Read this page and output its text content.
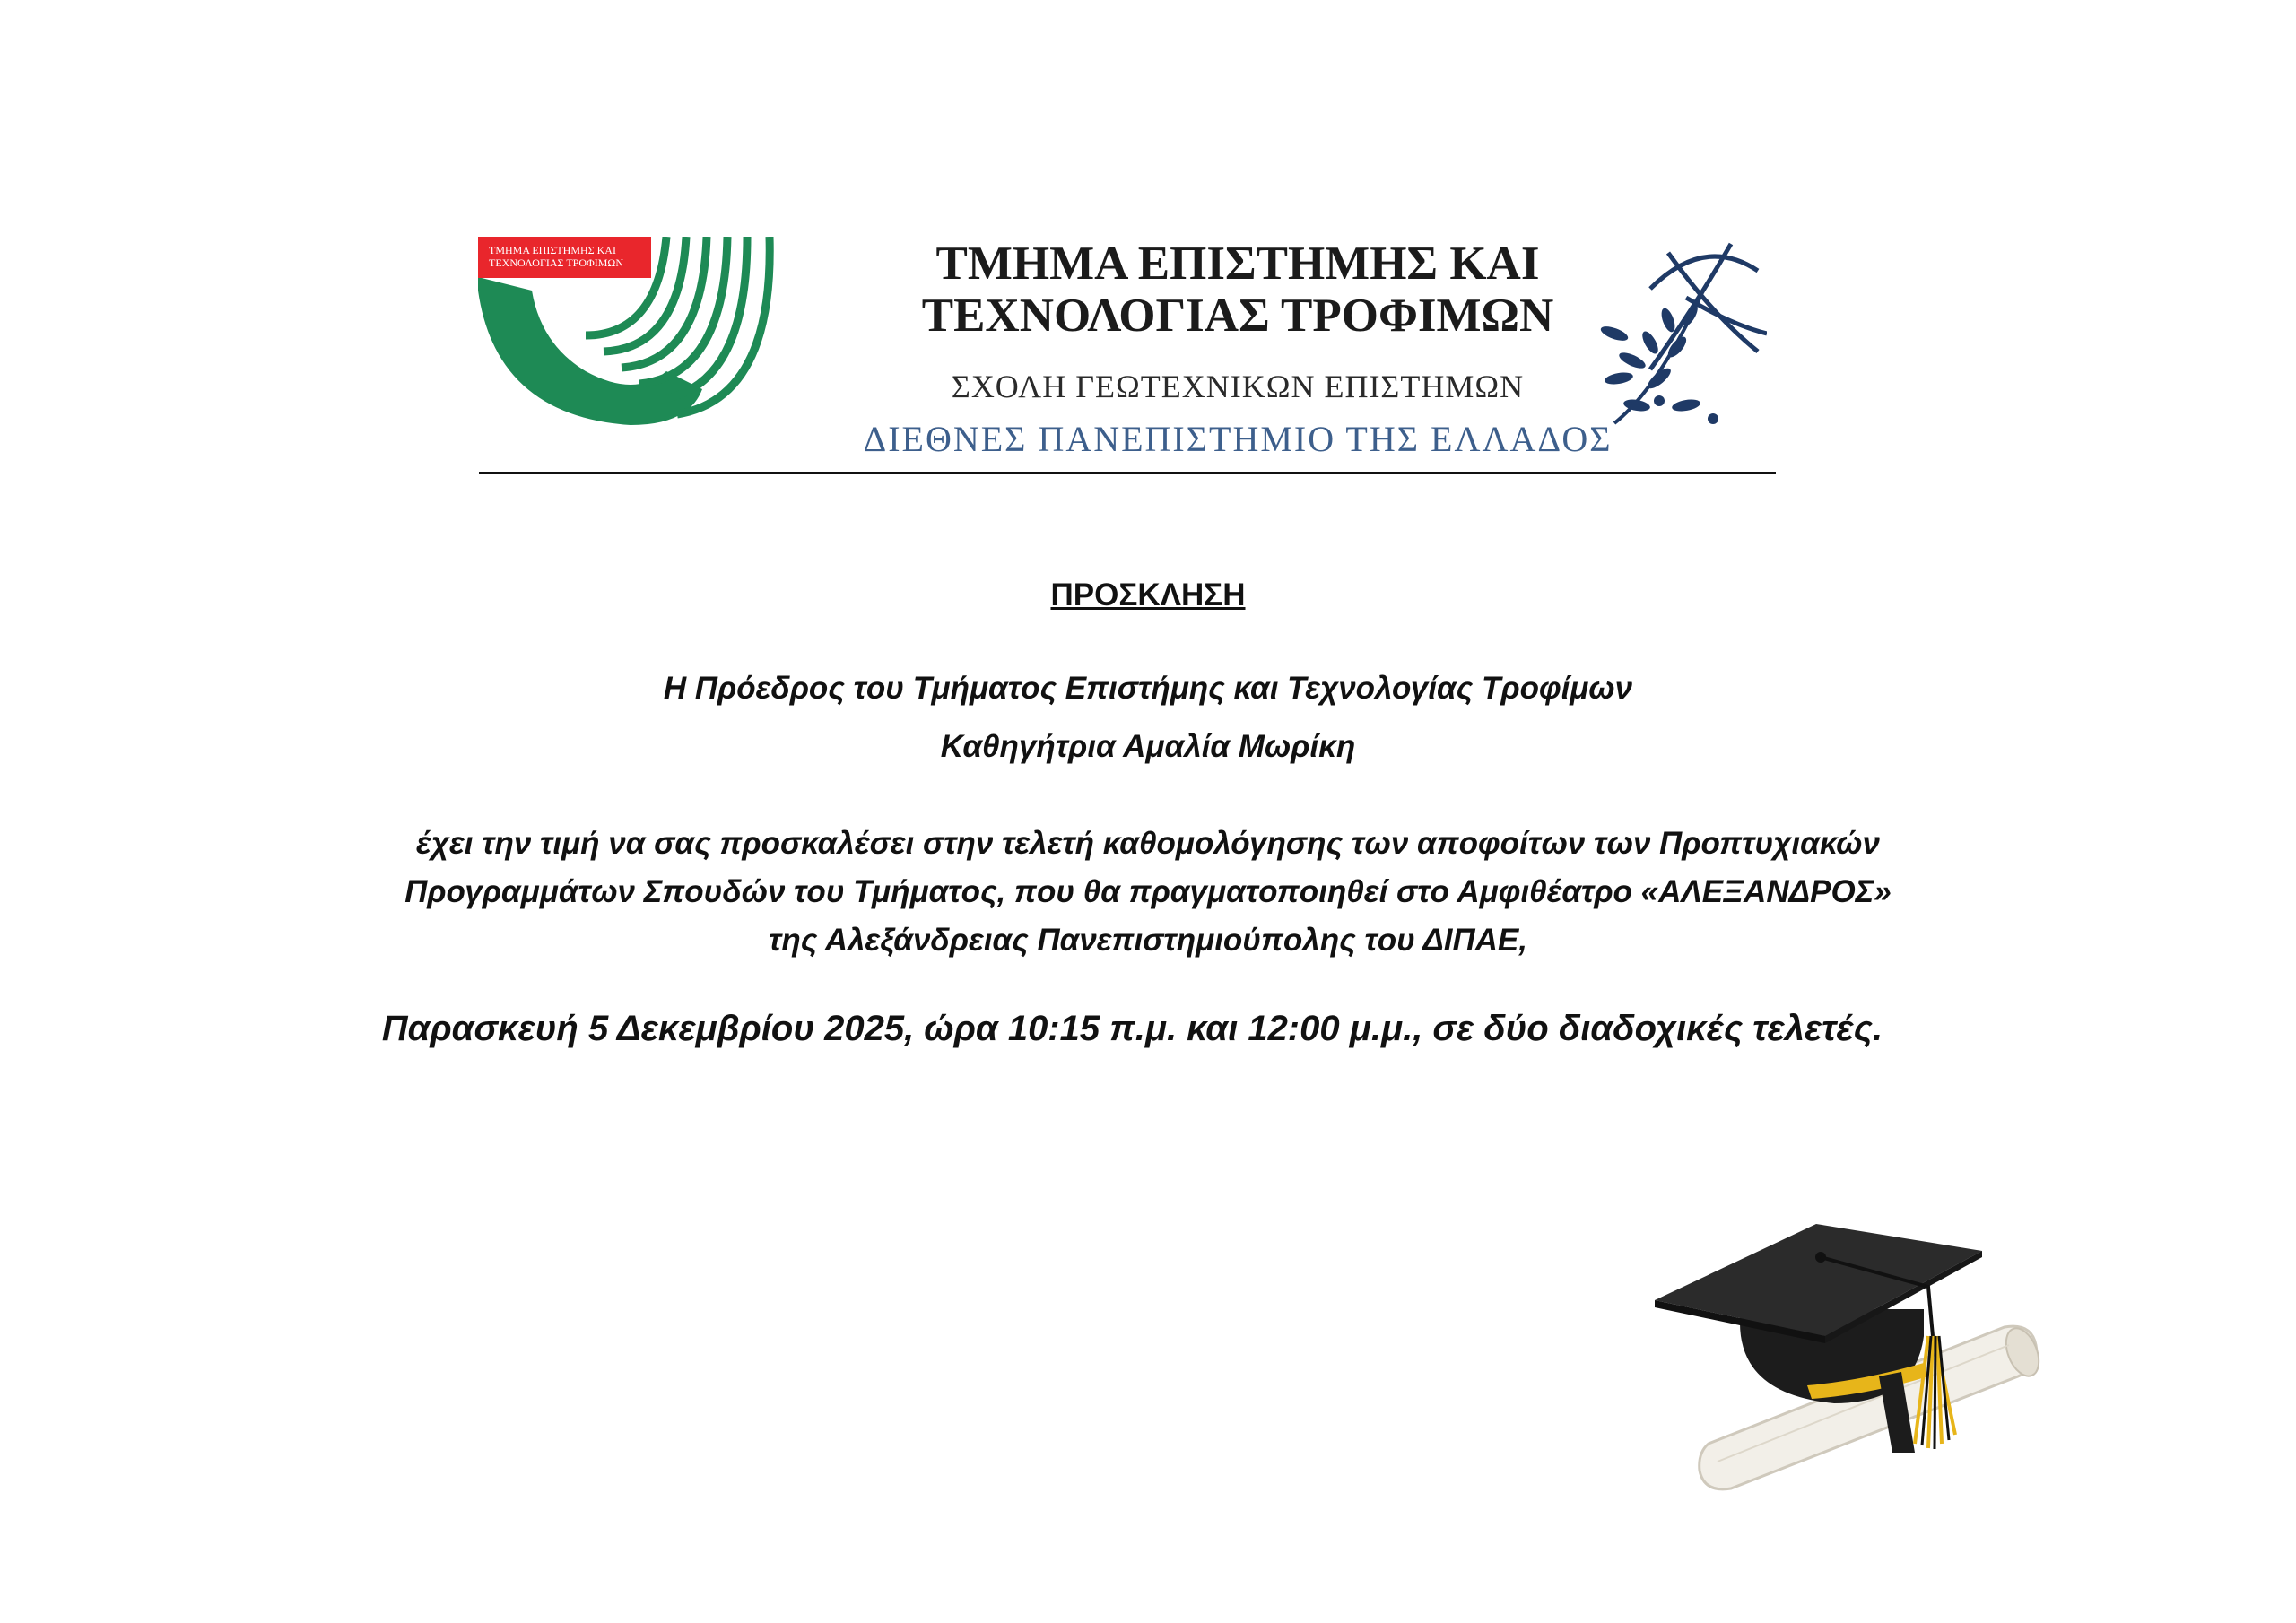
ΤΜΗΜΑ ΕΠΙΣΤΗΜΗΣ ΚΑΙ
ΤΕΧΝΟΛΟΓΙΑΣ ΤΡΟΦΙΜΩΝ	ΤΜΗΜΑ ΕΠΙΣΤΗΜΗΣ ΚΑΙ
ΤΕΧΝΟΛΟΓΙΑΣ ΤΡΟΦΙΜΩΝ
ΣΧΟΛΗ ΓΕΩΤΕΧΝΙΚΩΝ ΕΠΙΣΤΗΜΩΝ
ΔΙΕΘΝΕΣ ΠΑΝΕΠΙΣΤΗΜΙΟ ΤΗΣ ΕΛΛΑΔΟΣ
ΠΡΟΣΚΛΗΣΗ
Η Πρόεδρος του Τμήματος Επιστήμης και Τεχνολογίας Τροφίμων
Καθηγήτρια Αμαλία Μωρίκη
έχει την τιμή να σας προσκαλέσει στην τελετή καθομολόγησης των αποφοίτων των Προπτυχιακών
Προγραμμάτων Σπουδών του Τμήματος, που θα πραγματοποιηθεί στο Αμφιθέατρο «ΑΛΕΞΑΝΔΡΟΣ»
της Αλεξάνδρειας Πανεπιστημιούπολης του ΔΙΠΑΕ,
Παρασκευή 5 Δεκεμβρίου 2025, ώρα 10:15 π.μ. και 12:00 μ.μ., σε δύο διαδοχικές τελετές.
